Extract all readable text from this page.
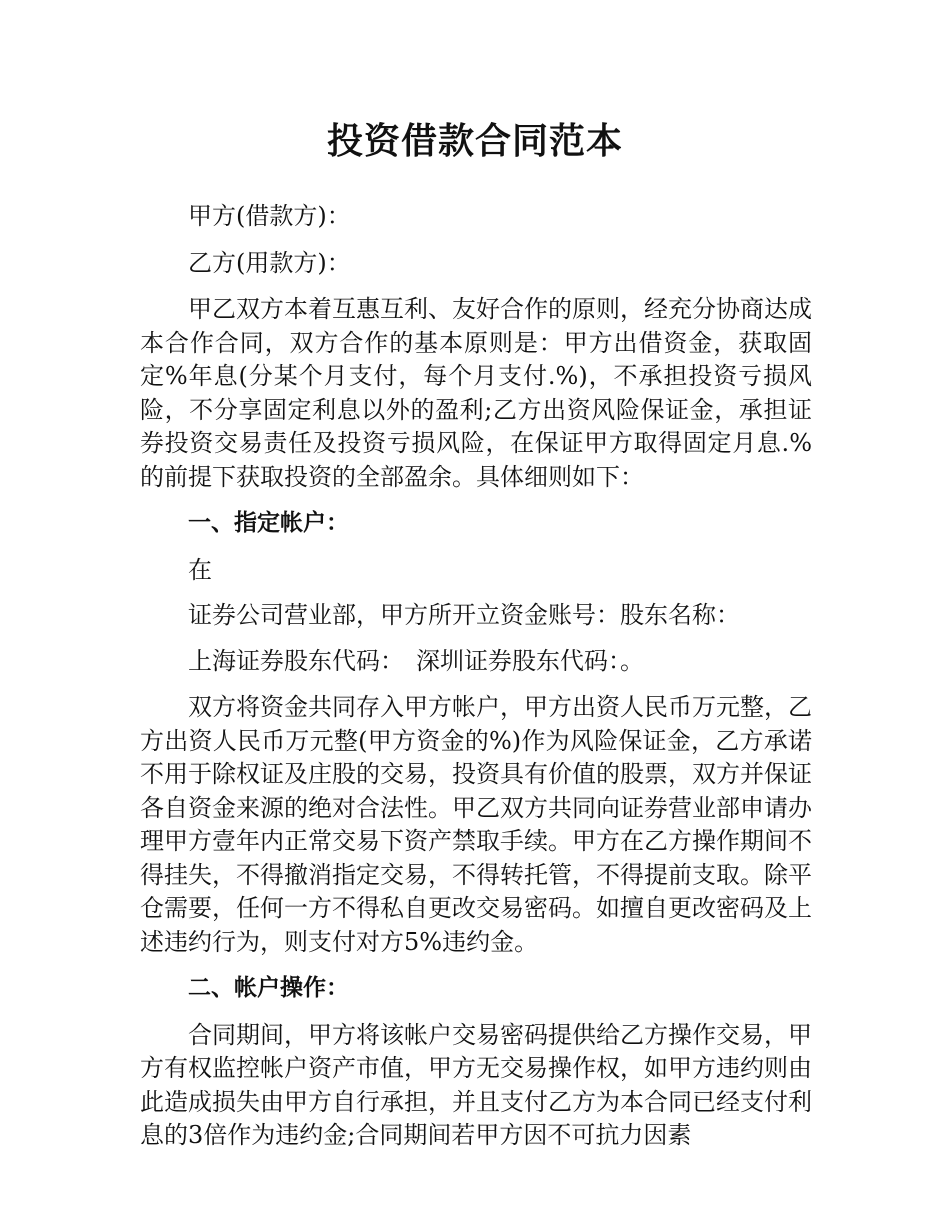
投资借款合同范本

甲方(借款方)：

乙方(用款方)：

甲乙双方本着互惠互利、友好合作的原则，经充分协商达成本合作合同，双方合作的基本原则是：甲方出借资金，获取固定%年息(分某个月支付，每个月支付.%)，不承担投资亏损风险，不分享固定利息以外的盈利;乙方出资风险保证金，承担证券投资交易责任及投资亏损风险，在保证甲方取得固定月息.%的前提下获取投资的全部盈余。具体细则如下：

一、指定帐户：

在

证券公司营业部，甲方所开立资金账号：股东名称：

上海证券股东代码：　深圳证券股东代码：。

双方将资金共同存入甲方帐户，甲方出资人民币万元整，乙方出资人民币万元整(甲方资金的%)作为风险保证金，乙方承诺不用于除权证及庄股的交易，投资具有价值的股票，双方并保证各自资金来源的绝对合法性。甲乙双方共同向证券营业部申请办理甲方壹年内正常交易下资产禁取手续。甲方在乙方操作期间不得挂失，不得撤消指定交易，不得转托管，不得提前支取。除平仓需要，任何一方不得私自更改交易密码。如擅自更改密码及上述违约行为，则支付对方5%违约金。

二、帐户操作：

合同期间，甲方将该帐户交易密码提供给乙方操作交易，甲方有权监控帐户资产市值，甲方无交易操作权，如甲方违约则由此造成损失由甲方自行承担，并且支付乙方为本合同已经支付利息的3倍作为违约金;合同期间若甲方因不可抗力因素
